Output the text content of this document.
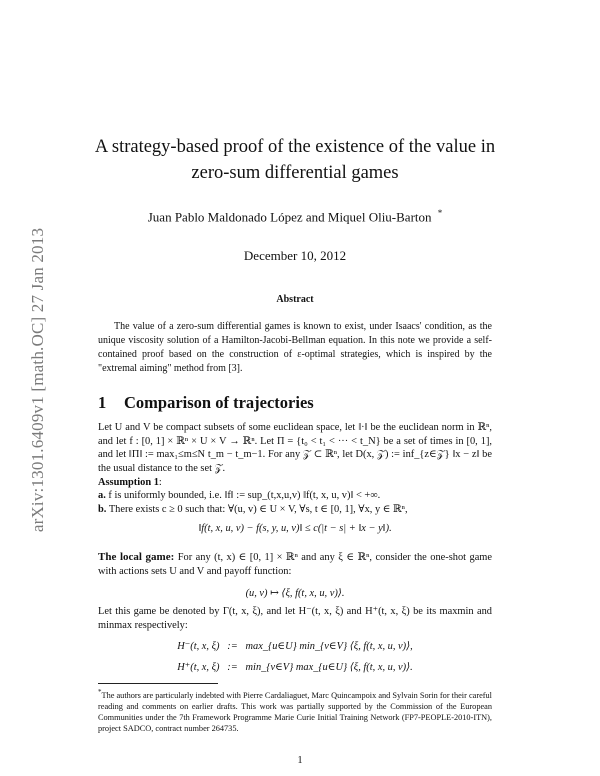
arXiv:1301.6409v1 [math.OC] 27 Jan 2013
A strategy-based proof of the existence of the value in
zero-sum differential games
Juan Pablo Maldonado López and Miquel Oliu-Barton *
December 10, 2012
Abstract
The value of a zero-sum differential games is known to exist, under Isaacs' condition, as the unique viscosity solution of a Hamilton-Jacobi-Bellman equation. In this note we provide a self-contained proof based on the construction of ε-optimal strategies, which is inspired by the "extremal aiming" method from [3].
1 Comparison of trajectories
Let U and V be compact subsets of some euclidean space, let ‖·‖ be the euclidean norm in ℝⁿ, and let f : [0, 1] × ℝⁿ × U × V → ℝⁿ. Let Π = {t₀ < t₁ < ··· < t_N} be a set of times in [0, 1], and let ‖Π‖ := max₁≤m≤N t_m − t_m−1. For any 𝒵 ⊂ ℝⁿ, let D(x, 𝒵) := inf_{z∈𝒵} ‖x − z‖ be the usual distance to the set 𝒵.
Assumption 1:
a. f is uniformly bounded, i.e. ‖f‖ := sup_(t,x,u,v) ‖f(t, x, u, v)‖ < +∞.
b. There exists c ≥ 0 such that: ∀(u, v) ∈ U × V, ∀s, t ∈ [0, 1], ∀x, y ∈ ℝⁿ,
‖f(t, x, u, v) − f(s, y, u, v)‖ ≤ c(|t − s| + ‖x − y‖).
The local game: For any (t, x) ∈ [0, 1] × ℝⁿ and any ξ ∈ ℝⁿ, consider the one-shot game with actions sets U and V and payoff function:
(u, v) ↦ ⟨ξ, f(t, x, u, v)⟩.
Let this game be denoted by Γ(t, x, ξ), and let H⁻(t, x, ξ) and H⁺(t, x, ξ) be its maxmin and minmax respectively:
H⁻(t, x, ξ)   :=   max_{u∈U} min_{v∈V} ⟨ξ, f(t, x, u, v)⟩,
H⁺(t, x, ξ)   :=   min_{v∈V} max_{u∈U} ⟨ξ, f(t, x, u, v)⟩.
*The authors are particularly indebted with Pierre Cardaliaguet, Marc Quincampoix and Sylvain Sorin for their careful reading and comments on earlier drafts. This work was partially supported by the Commission of the European Communities under the 7th Framework Programme Marie Curie Initial Training Network (FP7-PEOPLE-2010-ITN), project SADCO, contract number 264735.
1
